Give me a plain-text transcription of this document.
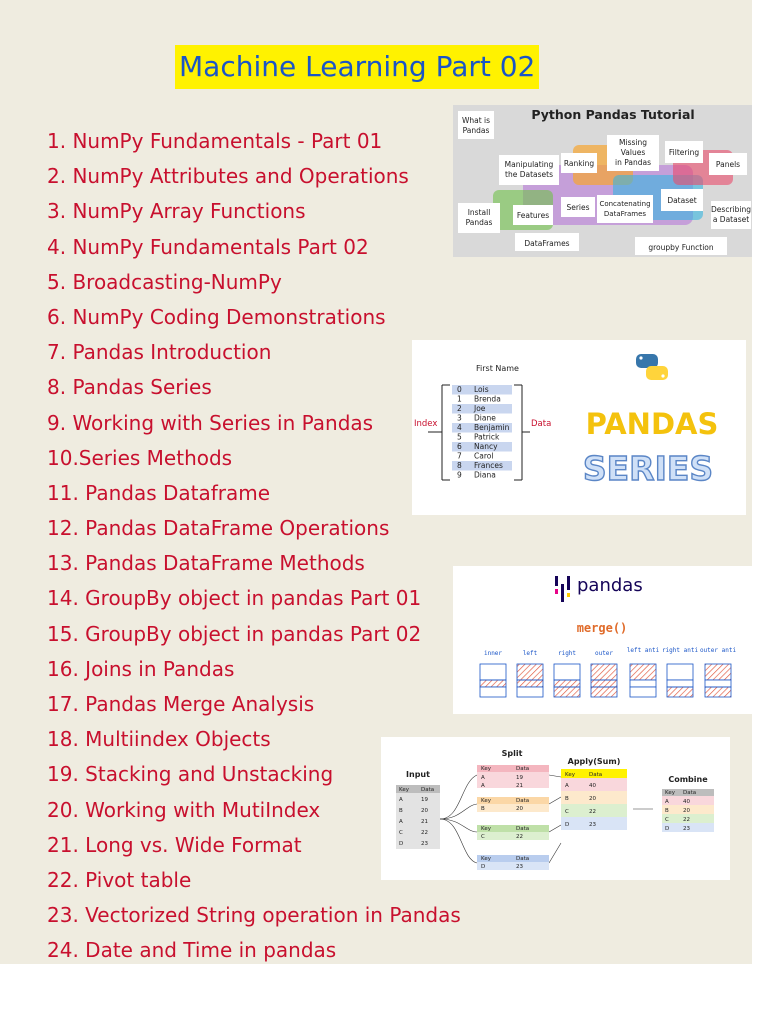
Machine Learning Part 02
1. NumPy Fundamentals - Part 01
2. NumPy Attributes and Operations
3. NumPy Array Functions
4. NumPy Fundamentals Part 02
5. Broadcasting-NumPy
6. NumPy Coding Demonstrations
7. Pandas Introduction
8. Pandas Series
9. Working with Series in Pandas
10.Series Methods
11. Pandas Dataframe
12. Pandas DataFrame Operations
13. Pandas DataFrame Methods
14. GroupBy object in pandas Part 01
15. GroupBy object in pandas Part 02
16. Joins in Pandas
17. Pandas Merge Analysis
18. Multiindex Objects
19. Stacking and Unstacking
20. Working with MutiIndex
21. Long vs. Wide Format
22. Pivot table
23. Vectorized String operation in Pandas
24. Date and Time in pandas
Python Pandas Tutorial
What is
Pandas
Manipulating
the Datasets
Ranking
Missing
Values
in Pandas
Filtering
Panels
Install
Pandas
Features
Series Concatenating
DataFrames
Dataset
Describing
a Dataset
DataFrames	groupby Function
First Name
Index	Data
0 Lois
1 Brenda
2 Joe
3 Diane
4 Benjamin
5 Patrick
6 Nancy
7 Carol
8 Frances
9 Diana
PANDAS
SERIES
pandas
merge()
inner	left	right	outer left anti right anti outer anti
Input
Split
Apply(Sum)
Combine
Key Data
A	19
B	20
A	21
C	22
D	23
Key	Data
A	19
A	21
Key	Data
B	20
Key	Data
C	22
Key	Data
D	23
Key	Data
A	40
B	20
C	22
D	23
Key Data
A	40
B	20
C	22
D	23
